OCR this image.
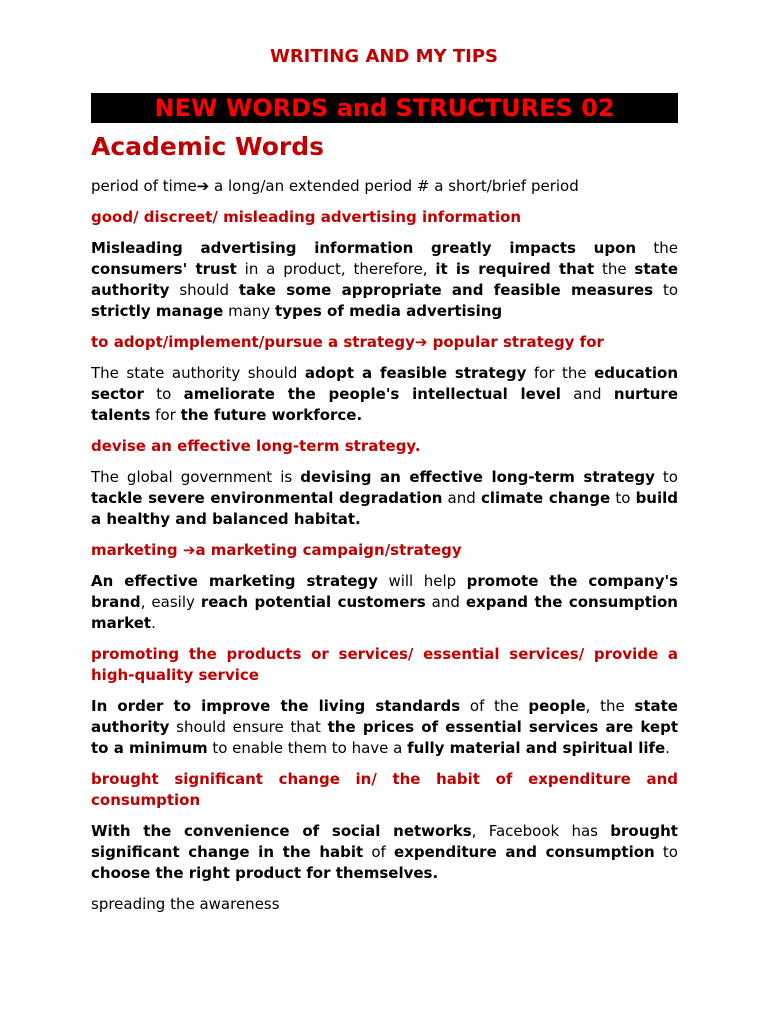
WRITING AND MY TIPS
NEW WORDS and STRUCTURES 02
Academic Words

period of time➔ a long/an extended period # a short/brief period

good/ discreet/ misleading advertising information

Misleading advertising information greatly impacts upon the consumers' trust in a product, therefore, it is required that the state authority should take some appropriate and feasible measures to strictly manage many types of media advertising

to adopt/implement/pursue a strategy➔ popular strategy for

The state authority should adopt a feasible strategy for the education sector to ameliorate the people's intellectual level and nurture talents for the future workforce.

devise an effective long-term strategy.

The global government is devising an effective long-term strategy to tackle severe environmental degradation and climate change to build a healthy and balanced habitat.

marketing ➔a marketing campaign/strategy

An effective marketing strategy will help promote the company's brand, easily reach potential customers and expand the consumption market.

promoting the products or services/ essential services/ provide a high-quality service

In order to improve the living standards of the people, the state authority should ensure that the prices of essential services are kept to a minimum to enable them to have a fully material and spiritual life.

brought significant change in/ the habit of expenditure and consumption

With the convenience of social networks, Facebook has brought significant change in the habit of expenditure and consumption to choose the right product for themselves.

spreading the awareness
